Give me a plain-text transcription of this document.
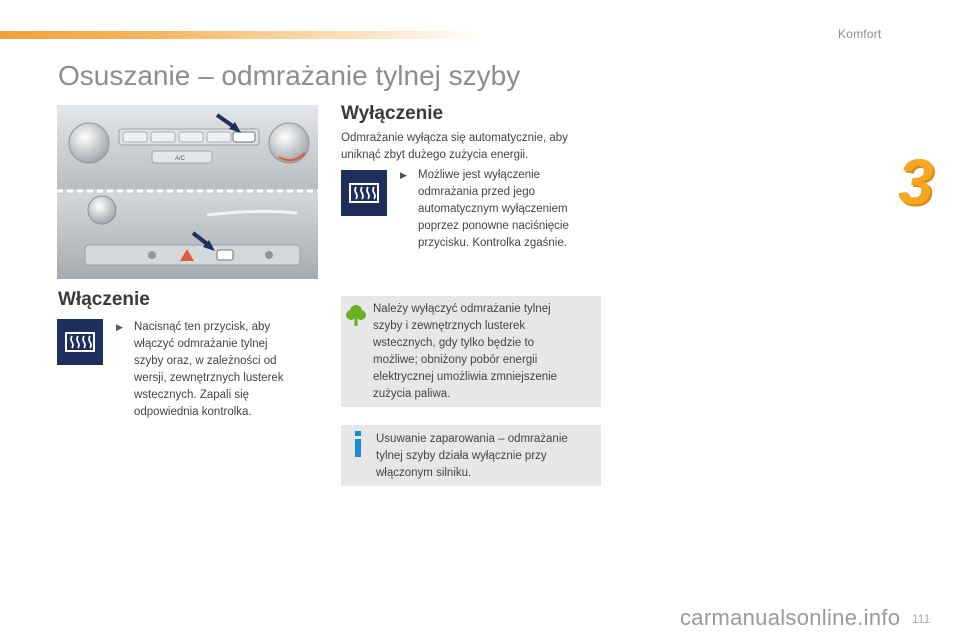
Komfort
3
Osuszanie – odmrażanie tylnej szyby
A/C
Włączenie
▶ Nacisnąć ten przycisk, aby
włączyć odmrażanie tylnej
szyby oraz, w zależności od
wersji, zewnętrznych lusterek
wstecznych. Zapali się
odpowiednia kontrolka.
Wyłączenie
Odmrażanie wyłącza się automatycznie, aby
uniknąć zbyt dużego zużycia energii.
▶ Możliwe jest wyłączenie
odmrażania przed jego
automatycznym wyłączeniem
poprzez ponowne naciśnięcie
przycisku. Kontrolka zgaśnie.
Należy wyłączyć odmrażanie tylnej
szyby i zewnętrznych lusterek
wstecznych, gdy tylko będzie to
możliwe; obniżony pobór energii
elektrycznej umożliwia zmniejszenie
zużycia paliwa.
Usuwanie zaparowania – odmrażanie
tylnej szyby działa wyłącznie przy
włączonym silniku.
carmanualsonline.info 111
